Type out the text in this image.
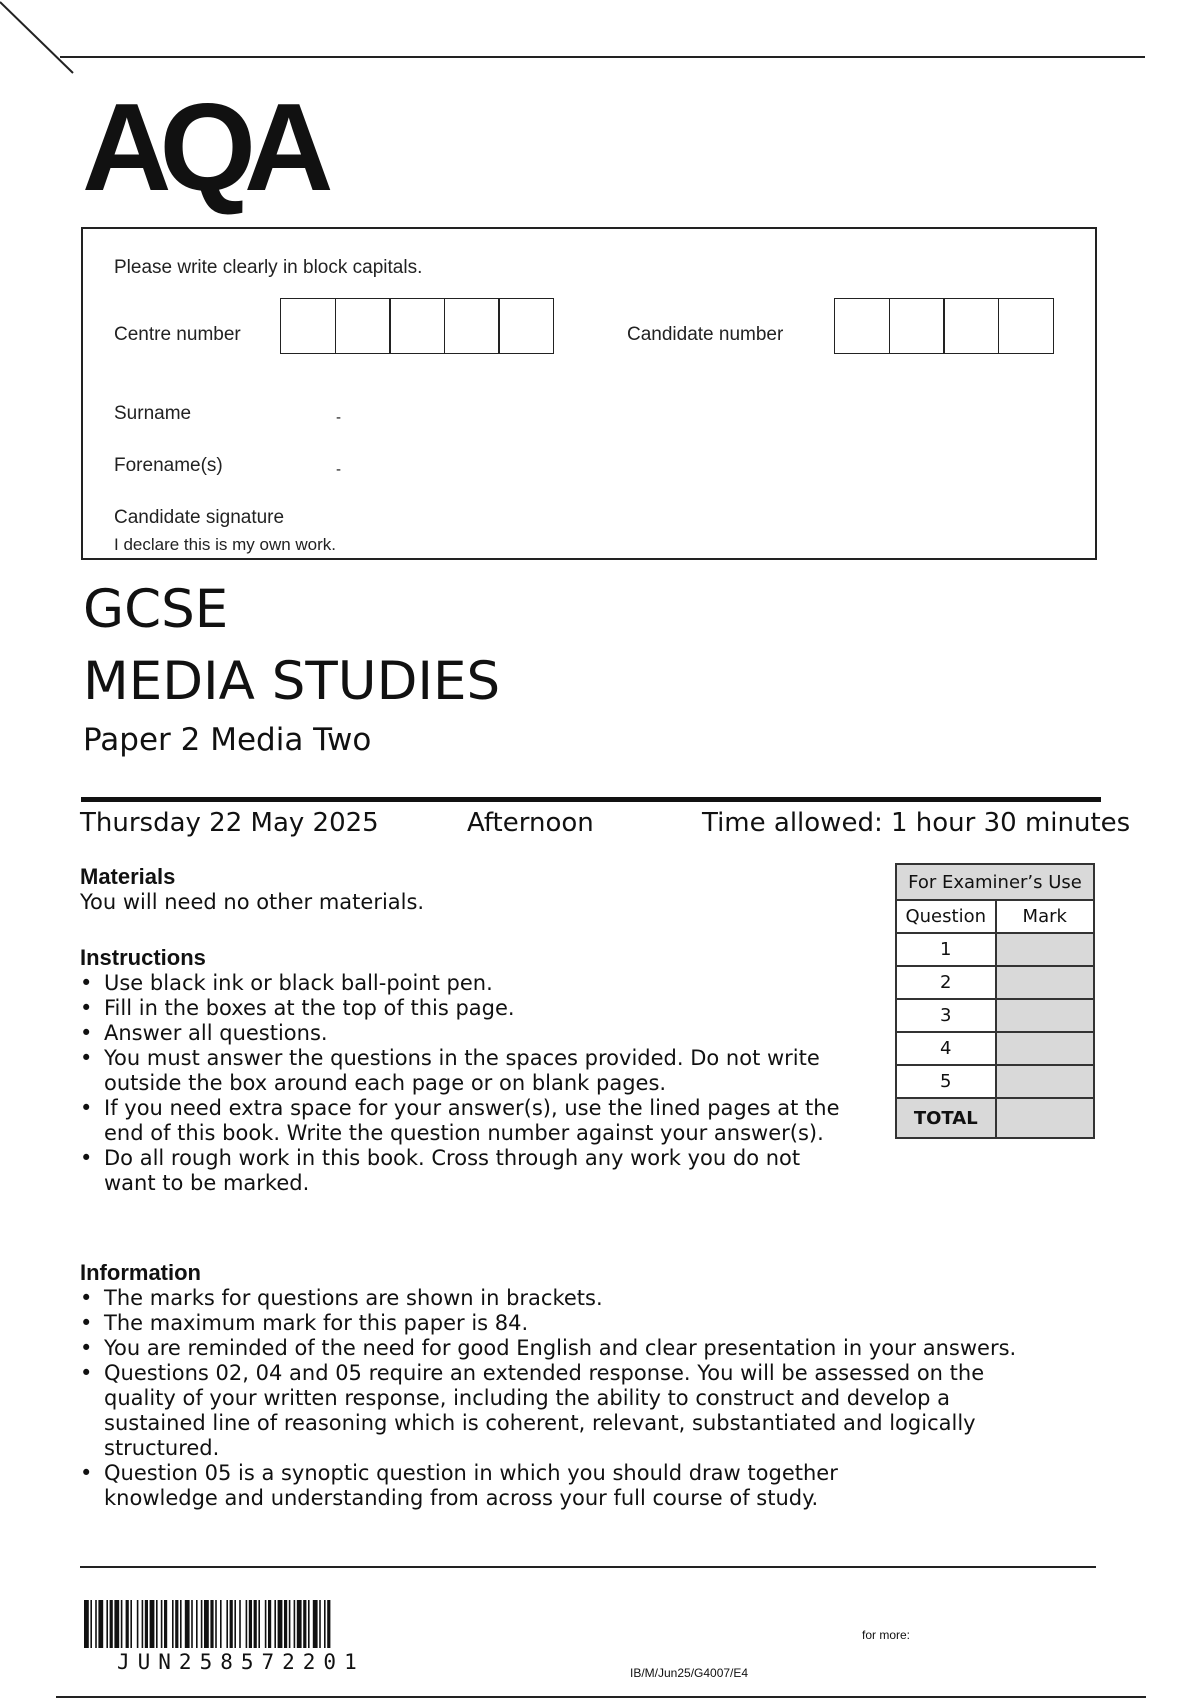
AQA
Please write clearly in block capitals.
Centre number	Candidate number
Surname	-
Forename(s)	-
Candidate signature
I declare this is my own work.
GCSE
MEDIA STUDIES
Paper 2 Media Two
Thursday 22 May 2025	Afternoon	Time allowed: 1 hour 30 minutes
Materials
You will need no other materials.
Instructions
• Use black ink or black ball-point pen.
• Fill in the boxes at the top of this page.
• Answer all questions.
• You must answer the questions in the spaces provided. Do not write outside the box around each page or on blank pages.
• If you need extra space for your answer(s), use the lined pages at the end of this book. Write the question number against your answer(s).
• Do all rough work in this book. Cross through any work you do not want to be marked.
Information
• The marks for questions are shown in brackets.
• The maximum mark for this paper is 84.
• You are reminded of the need for good English and clear presentation in your answers.
• Questions 02, 04 and 05 require an extended response. You will be assessed on the quality of your written response, including the ability to construct and develop a sustained line of reasoning which is coherent, relevant, substantiated and logically structured.
• Question 05 is a synoptic question in which you should draw together knowledge and understanding from across your full course of study.
For Examiner’s Use	
Question	Mark
1	
2	
3	
4	
5	
TOTAL	
JUN258572201
for more:
IB/M/Jun25/G4007/E4
